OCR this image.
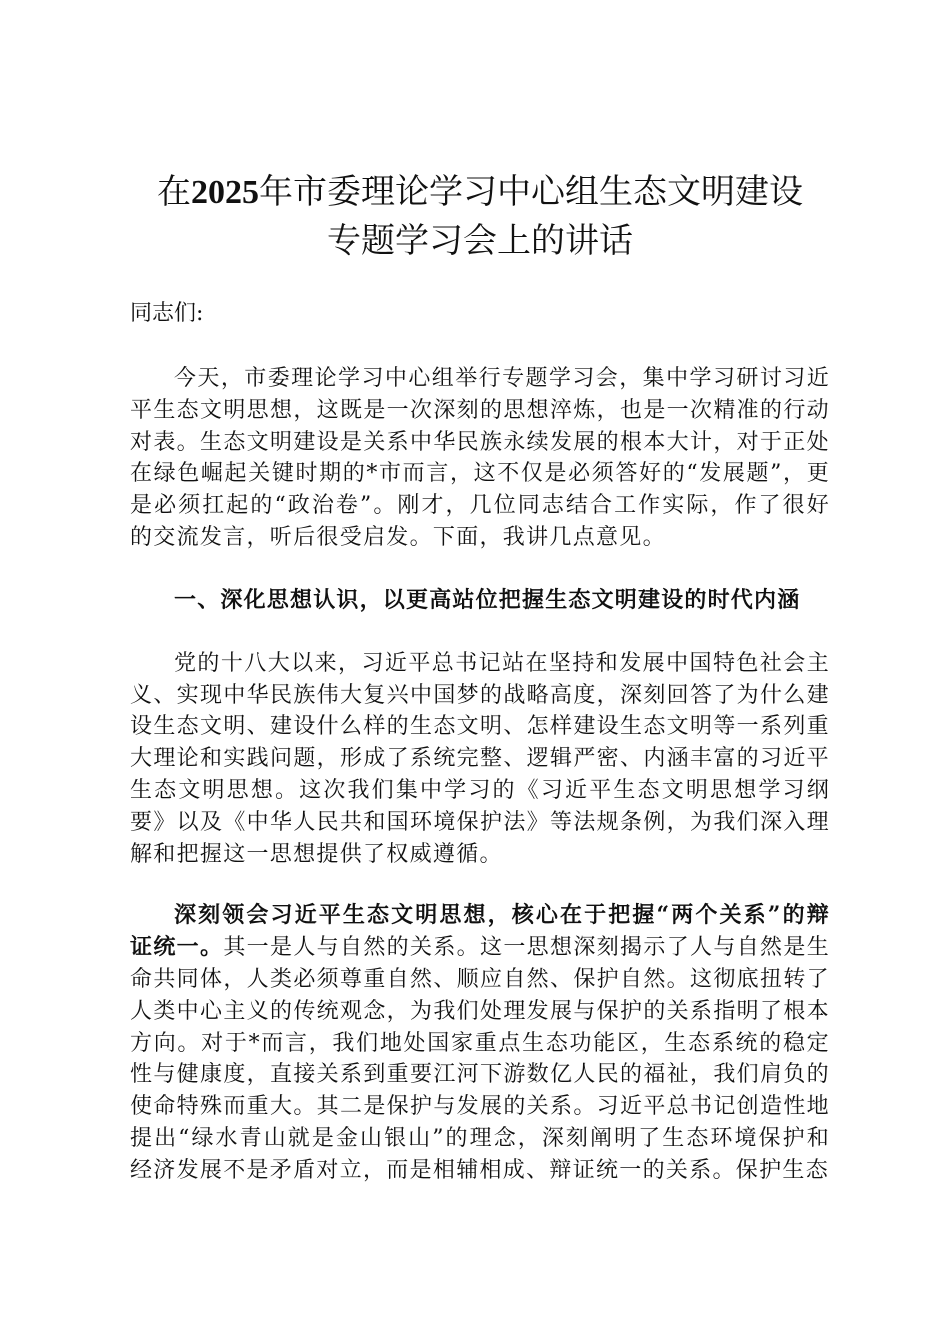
在2025年市委理论学习中心组生态文明建设
专题学习会上的讲话

同志们:

今天，市委理论学习中心组举行专题学习会，集中学习研讨习近平生态文明思想，这既是一次深刻的思想淬炼，也是一次精准的行动对表。生态文明建设是关系中华民族永续发展的根本大计，对于正处在绿色崛起关键时期的*市而言，这不仅是必须答好的“发展题”，更是必须扛起的“政治卷”。刚才，几位同志结合工作实际，作了很好的交流发言，听后很受启发。下面，我讲几点意见。

一、深化思想认识，以更高站位把握生态文明建设的时代内涵

党的十八大以来，习近平总书记站在坚持和发展中国特色社会主义、实现中华民族伟大复兴中国梦的战略高度，深刻回答了为什么建设生态文明、建设什么样的生态文明、怎样建设生态文明等一系列重大理论和实践问题，形成了系统完整、逻辑严密、内涵丰富的习近平生态文明思想。这次我们集中学习的《习近平生态文明思想学习纲要》以及《中华人民共和国环境保护法》等法规条例，为我们深入理解和把握这一思想提供了权威遵循。

深刻领会习近平生态文明思想，核心在于把握“两个关系”的辩证统一。其一是人与自然的关系。这一思想深刻揭示了人与自然是生命共同体，人类必须尊重自然、顺应自然、保护自然。这彻底扭转了人类中心主义的传统观念，为我们处理发展与保护的关系指明了根本方向。对于*而言，我们地处国家重点生态功能区，生态系统的稳定性与健康度，直接关系到重要江河下游数亿人民的福祉，我们肩负的使命特殊而重大。其二是保护与发展的关系。习近平总书记创造性地提出“绿水青山就是金山银山”的理念，深刻阐明了生态环境保护和经济发展不是矛盾对立，而是相辅相成、辩证统一的关系。保护生态
